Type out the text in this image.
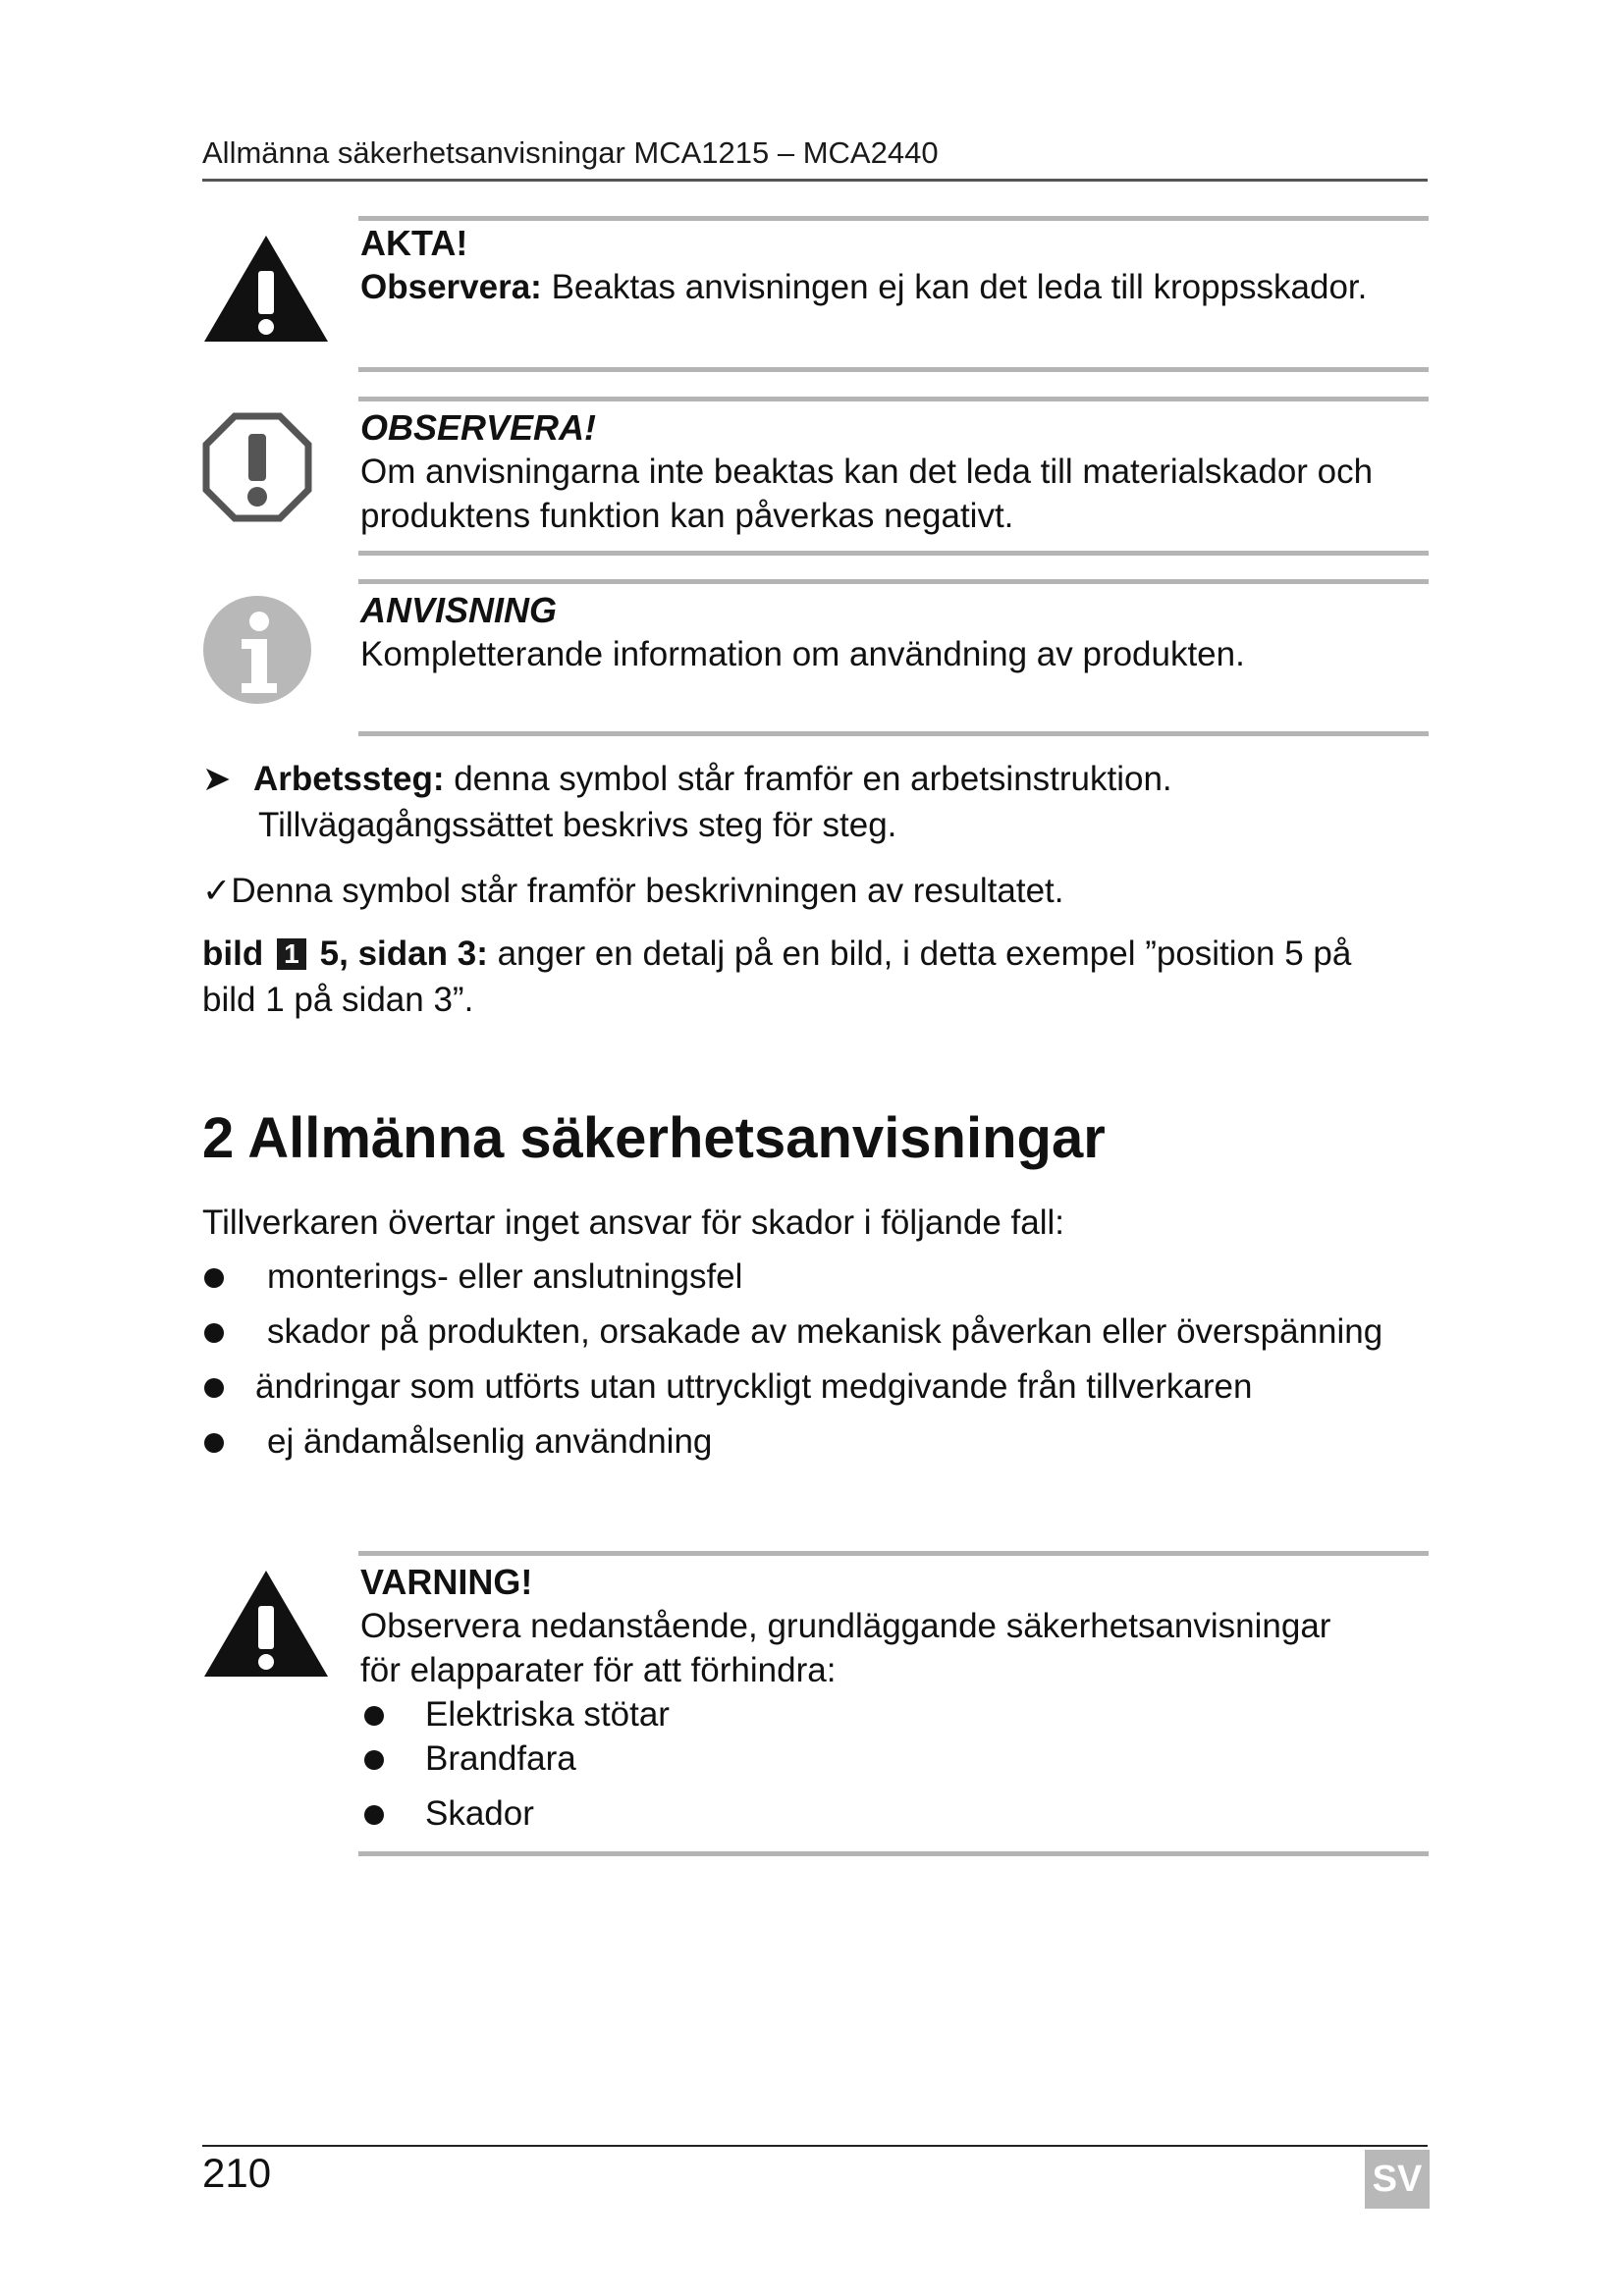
Allmänna säkerhetsanvisningar MCA1215 – MCA2440
AKTA!
Observera: Beaktas anvisningen ej kan det leda till kroppsskador.
OBSERVERA!
Om anvisningarna inte beaktas kan det leda till materialskador och
produktens funktion kan påverkas negativt.
ANVISNING
Kompletterande information om användning av produkten.
➤ Arbetssteg: denna symbol står framför en arbetsinstruktion.
Tillvägagångssättet beskrivs steg för steg.
✓Denna symbol står framför beskrivningen av resultatet.
bild 1 5, sidan 3: anger en detalj på en bild, i detta exempel ”position 5 på
bild 1 på sidan 3”.
2 Allmänna säkerhetsanvisningar
Tillverkaren övertar inget ansvar för skador i följande fall:
monterings- eller anslutningsfel
skador på produkten, orsakade av mekanisk påverkan eller överspänning
ändringar som utförts utan uttryckligt medgivande från tillverkaren
ej ändamålsenlig användning
VARNING!
Observera nedanstående, grundläggande säkerhetsanvisningar
för elapparater för att förhindra:
Elektriska stötar
Brandfara
Skador
210	SV
